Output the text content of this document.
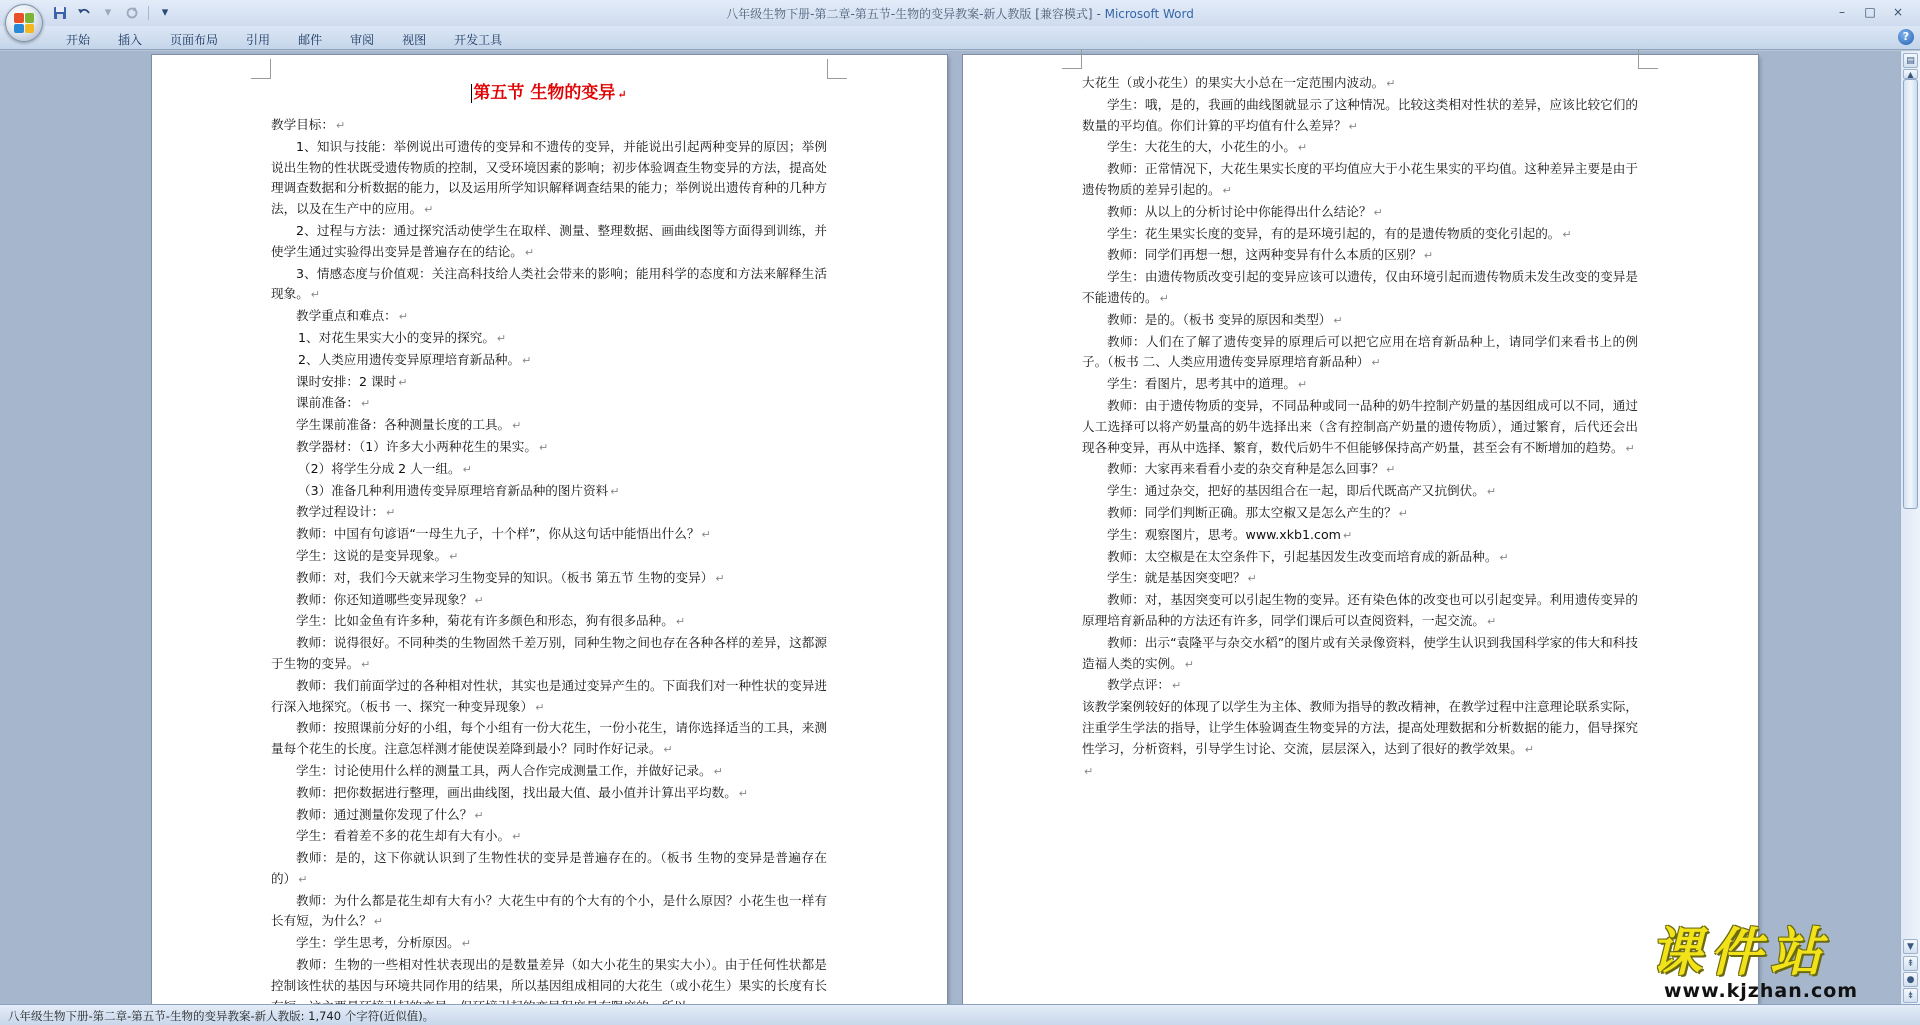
▾	▾	八年级生物下册-第二章-第五节-生物的变异教案-新人教版 [兼容模式] - Microsoft Word	–	□	×
开始	插入	页面布局	引用	邮件	审阅	视图	开发工具	?
第五节 生物的变异 ↵

教学目标： ↵

1、知识与技能：举例说出可遗传的变异和不遗传的变异，并能说出引起两种变异的原因；举例说出生物的性状既受遗传物质的控制，又受环境因素的影响；初步体验调查生物变异的方法，提高处理调查数据和分析数据的能力，以及运用所学知识解释调查结果的能力；举例说出遗传育种的几种方法，以及在生产中的应用。 ↵

2、过程与方法：通过探究活动使学生在取样、测量、整理数据、画曲线图等方面得到训练，并使学生通过实验得出变异是普遍存在的结论。 ↵

3、情感态度与价值观：关注高科技给人类社会带来的影响；能用科学的态度和方法来解释生活现象。 ↵

教学重点和难点： ↵

1、对花生果实大小的变异的探究。 ↵

2、人类应用遗传变异原理培育新品种。 ↵

课时安排：2 课时 ↵

课前准备： ↵

学生课前准备：各种测量长度的工具。 ↵

教学器材：（1）许多大小两种花生的果实。 ↵

（2）将学生分成 2 人一组。 ↵

（3）准备几种利用遗传变异原理培育新品种的图片资料 ↵

教学过程设计： ↵

教师：中国有句谚语“一母生九子，十个样”，你从这句话中能悟出什么？ ↵

学生：这说的是变异现象。 ↵

教师：对，我们今天就来学习生物变异的知识。（板书 第五节 生物的变异） ↵

教师：你还知道哪些变异现象？ ↵

学生：比如金鱼有许多种，菊花有许多颜色和形态，狗有很多品种。 ↵

教师：说得很好。不同种类的生物固然千差万别，同种生物之间也存在各种各样的差异，这都源于生物的变异。 ↵

教师：我们前面学过的各种相对性状，其实也是通过变异产生的。下面我们对一种性状的变异进行深入地探究。（板书 一、探究一种变异现象） ↵

教师：按照课前分好的小组，每个小组有一份大花生，一份小花生，请你选择适当的工具，来测量每个花生的长度。注意怎样测才能使误差降到最小？同时作好记录。 ↵

学生：讨论使用什么样的测量工具，两人合作完成测量工作，并做好记录。 ↵

教师：把你数据进行整理，画出曲线图，找出最大值、最小值并计算出平均数。 ↵

教师：通过测量你发现了什么？ ↵

学生：看着差不多的花生却有大有小。 ↵

教师：是的，这下你就认识到了生物性状的变异是普遍存在的。（板书 生物的变异是普遍存在的） ↵

教师：为什么都是花生却有大有小？大花生中有的个大有的个小，是什么原因？小花生也一样有长有短，为什么？ ↵

学生：学生思考，分析原因。 ↵

教师：生物的一些相对性状表现出的是数量差异（如大小花生的果实大小）。由于任何性状都是控制该性状的基因与环境共同作用的结果，所以基因组成相同的大花生（或小花生）果实的长度有长

大花生（或小花生）的果实大小总在一定范围内波动。 ↵

学生：哦，是的，我画的曲线图就显示了这种情况。比较这类相对性状的差异，应该比较它们的数量的平均值。你们计算的平均值有什么差异？ ↵

学生：大花生的大，小花生的小。 ↵

教师：正常情况下，大花生果实长度的平均值应大于小花生果实的平均值。这种差异主要是由于遗传物质的差异引起的。 ↵

教师：从以上的分析讨论中你能得出什么结论？ ↵

学生：花生果实长度的变异，有的是环境引起的，有的是遗传物质的变化引起的。 ↵

教师：同学们再想一想，这两种变异有什么本质的区别？ ↵

学生：由遗传物质改变引起的变异应该可以遗传，仅由环境引起而遗传物质未发生改变的变异是不能遗传的。 ↵

教师：是的。（板书 变异的原因和类型） ↵

教师：人们在了解了遗传变异的原理后可以把它应用在培育新品种上，请同学们来看书上的例子。（板书 二、人类应用遗传变异原理培育新品种） ↵

学生：看图片，思考其中的道理。 ↵

教师：由于遗传物质的变异，不同品种或同一品种的奶牛控制产奶量的基因组成可以不同，通过人工选择可以将产奶量高的奶牛选择出来（含有控制高产奶量的遗传物质），通过繁育，后代还会出现各种变异，再从中选择、繁育，数代后奶牛不但能够保持高产奶量，甚至会有不断增加的趋势。 ↵

教师：大家再来看看小麦的杂交育种是怎么回事？ ↵

学生：通过杂交，把好的基因组合在一起，即后代既高产又抗倒伏。 ↵

教师：同学们判断正确。那太空椒又是怎么产生的？ ↵

学生：观察图片，思考。www.xkb1.com ↵

教师：太空椒是在太空条件下，引起基因发生改变而培育成的新品种。 ↵

学生：就是基因突变吧？ ↵

教师：对，基因突变可以引起生物的变异。还有染色体的改变也可以引起变异。利用遗传变异的原理培育新品种的方法还有许多，同学们课后可以查阅资料，一起交流。 ↵

教师：出示“袁隆平与杂交水稻”的图片或有关录像资料，使学生认识到我国科学家的伟大和科技造福人类的实例。 ↵

教学点评： ↵

该教学案例较好的体现了以学生为主体、教师为指导的教改精神，在教学过程中注意理论联系实际，注重学生学法的指导，让学生体验调查生物变异的方法，提高处理数据和分析数据的能力，倡导探究性学习，分析资料，引导学生讨论、交流，层层深入，达到了很好的教学效果。 ↵

↵

▤
▲
▼
⇞
●
⇟
八年级生物下册-第二章-第五节-生物的变异教案-新人教版: 1,740 个字符(近似值)。
课件站
www.kjzhan.com
